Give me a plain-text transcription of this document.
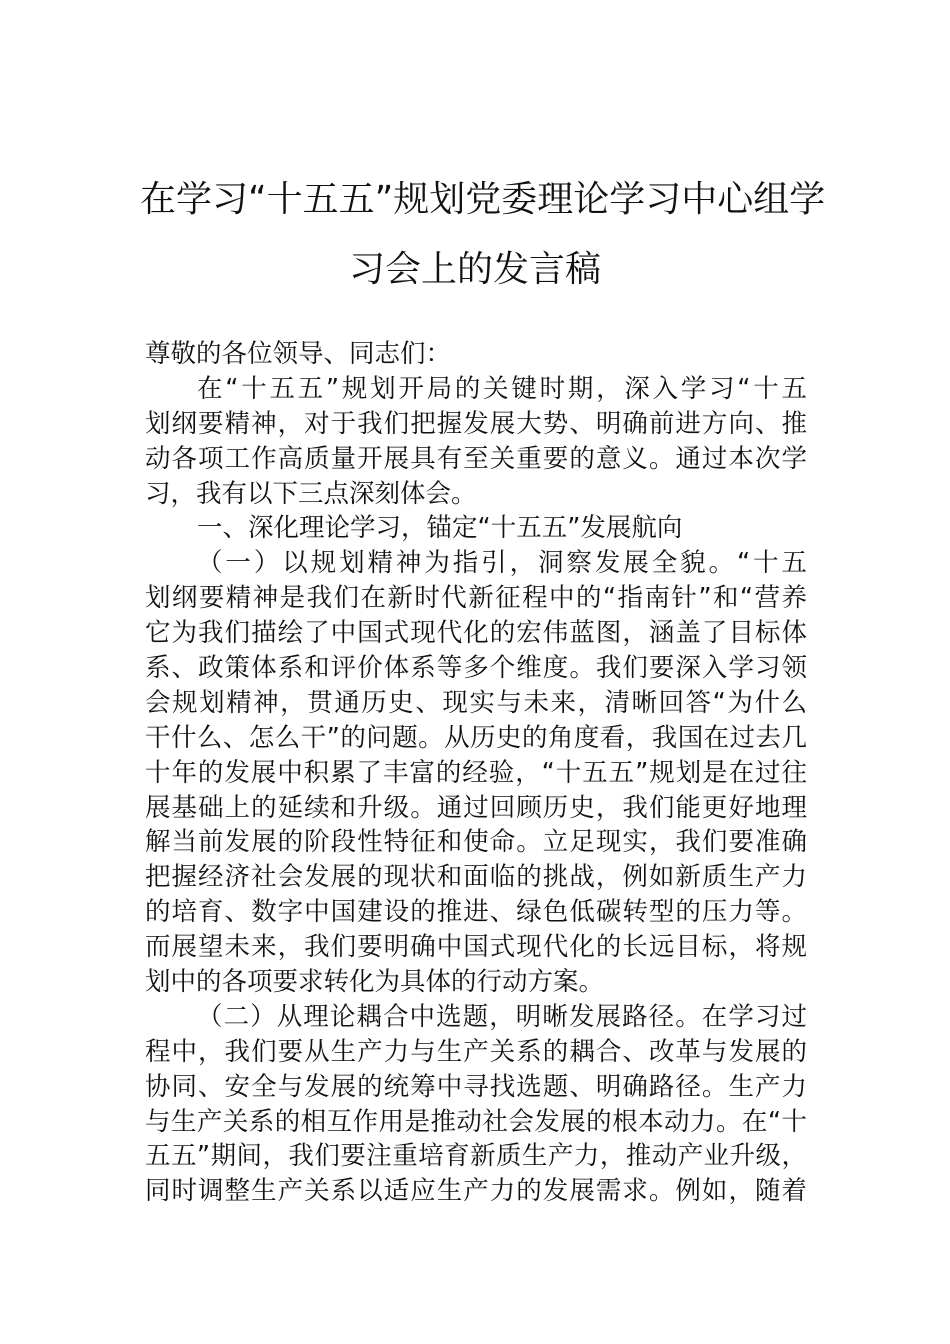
在学习“十五五”规划党委理论学习中心组学
习会上的发言稿
尊敬的各位领导、同志们：
在“十五五”规划开局的关键时期，深入学习“十五
划纲要精神，对于我们把握发展大势、明确前进方向、推
动各项工作高质量开展具有至关重要的意义。通过本次学
习，我有以下三点深刻体会。
一、深化理论学习，锚定“十五五”发展航向
（一）以规划精神为指引，洞察发展全貌。“十五
划纲要精神是我们在新时代新征程中的“指南针”和“营养
它为我们描绘了中国式现代化的宏伟蓝图，涵盖了目标体
系、政策体系和评价体系等多个维度。我们要深入学习领
会规划精神，贯通历史、现实与未来，清晰回答“为什么
干什么、怎么干”的问题。从历史的角度看，我国在过去几
十年的发展中积累了丰富的经验，“十五五”规划是在过往
展基础上的延续和升级。通过回顾历史，我们能更好地理
解当前发展的阶段性特征和使命。立足现实，我们要准确
把握经济社会发展的现状和面临的挑战，例如新质生产力
的培育、数字中国建设的推进、绿色低碳转型的压力等。
而展望未来，我们要明确中国式现代化的长远目标，将规
划中的各项要求转化为具体的行动方案。
（二）从理论耦合中选题，明晰发展路径。在学习过
程中，我们要从生产力与生产关系的耦合、改革与发展的
协同、安全与发展的统筹中寻找选题、明确路径。生产力
与生产关系的相互作用是推动社会发展的根本动力。在“十
五五”期间，我们要注重培育新质生产力，推动产业升级，
同时调整生产关系以适应生产力的发展需求。例如，随着
